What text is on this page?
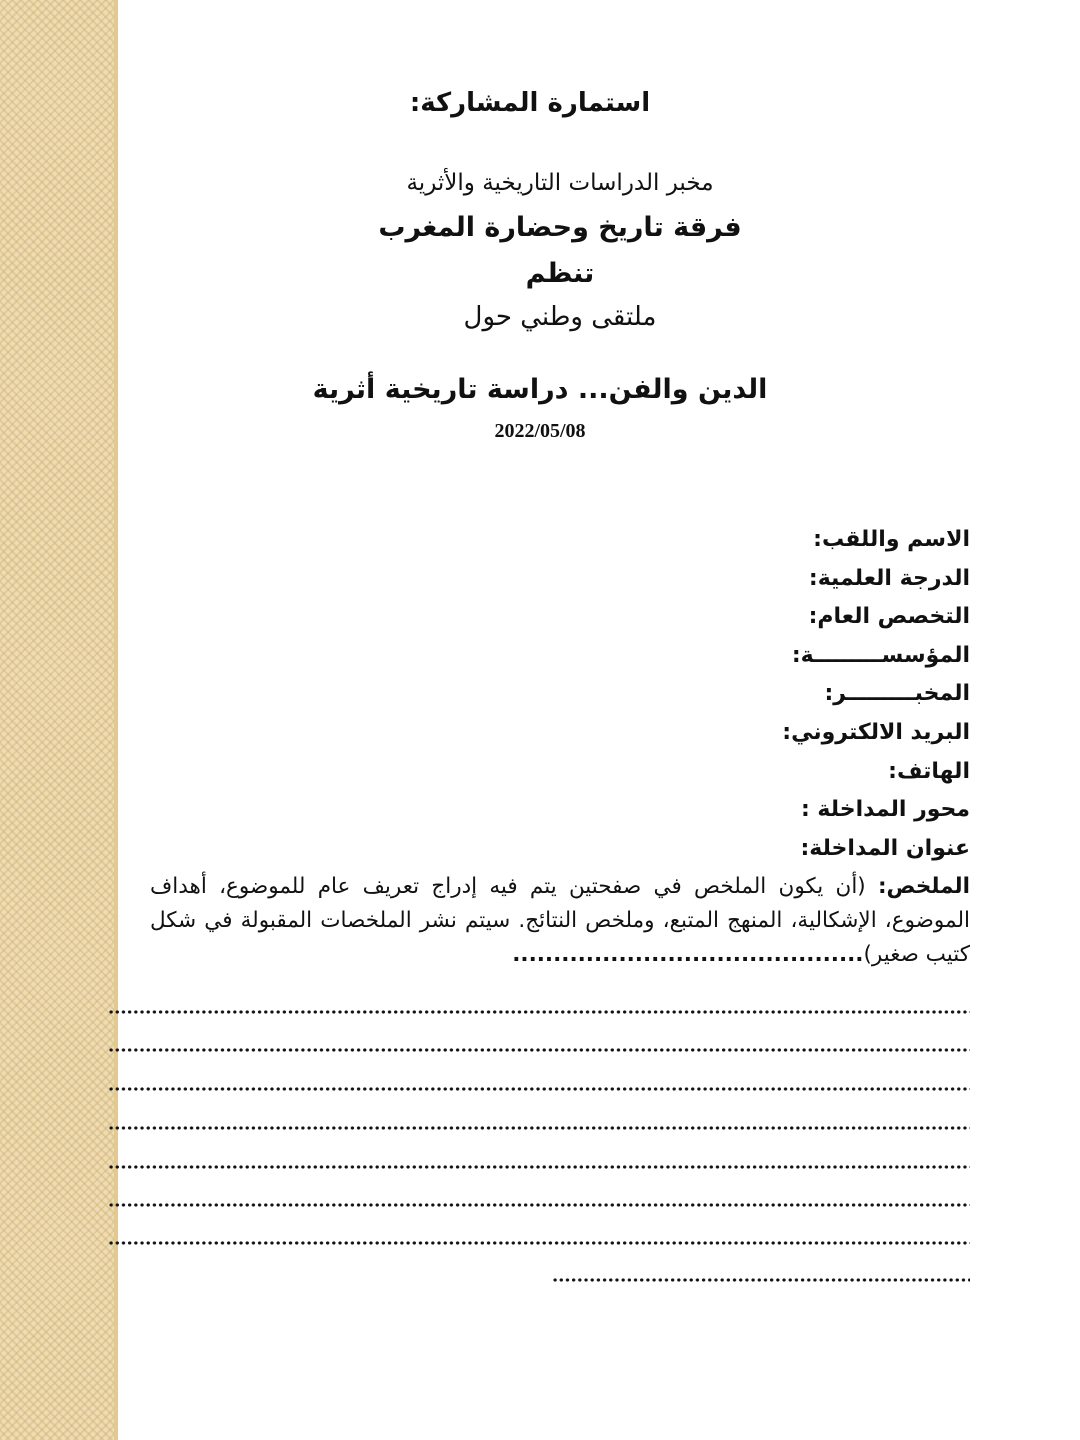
استمارة المشاركة:
مخبر الدراسات التاريخية والأثرية
فرقة تاريخ وحضارة المغرب
تنظم
ملتقى وطني حول
الدين والفن... دراسة تاريخية أثرية
2022/05/08
الاسم واللقب:
الدرجة العلمية:
التخصص العام:
المؤسســـــــــة:
المخبـــــــــر:
البريد الالكتروني:
الهاتف:
محور المداخلة :
عنوان المداخلة:
الملخص: (أن يكون الملخص في صفحتين يتم فيه إدراج تعريف عام للموضوع، أهداف الموضوع، الإشكالية، المنهج المتبع، وملخص النتائج. سيتم نشر الملخصات المقبولة في شكل كتيب صغير)...........................................
